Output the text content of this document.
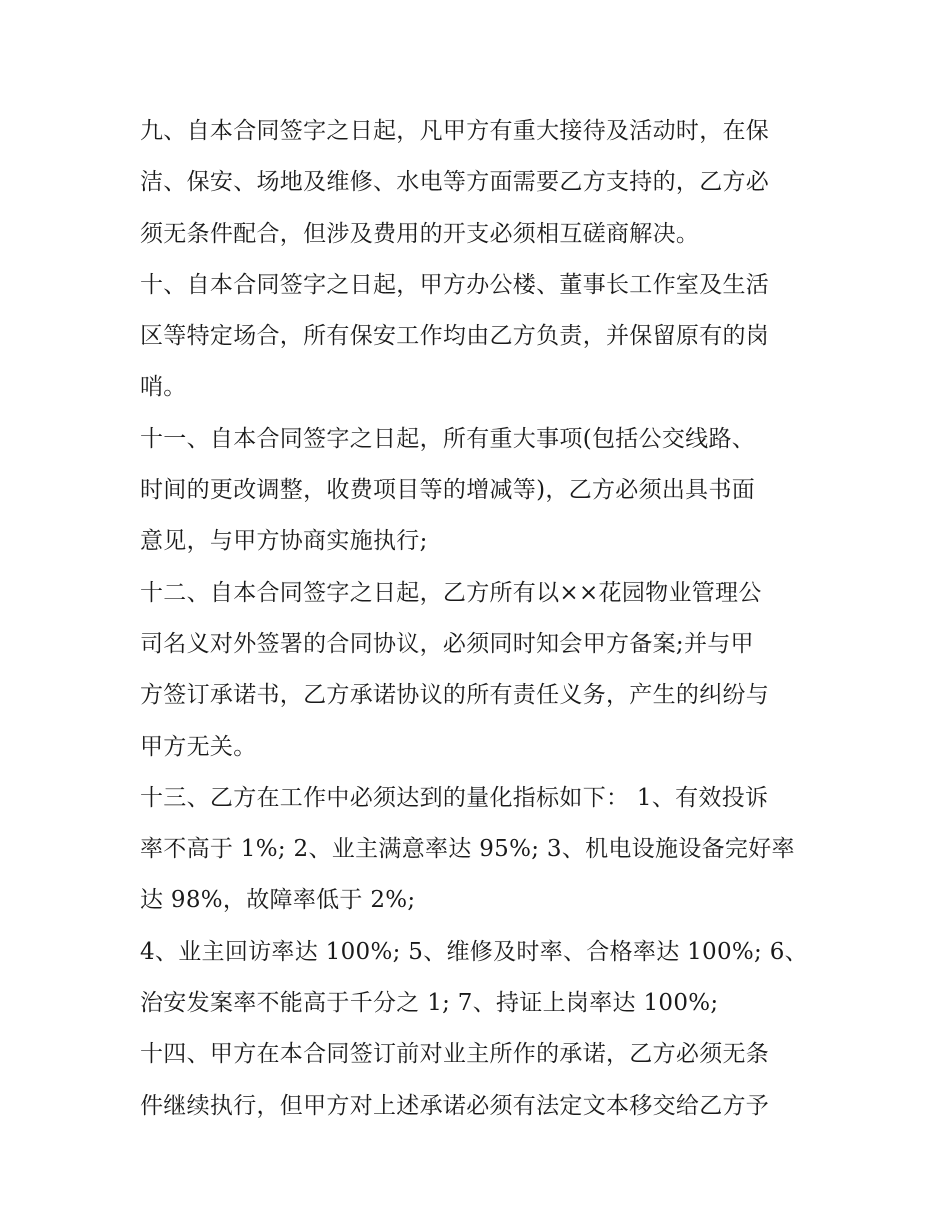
九、自本合同签字之日起，凡甲方有重大接待及活动时，在保
洁、保安、场地及维修、水电等方面需要乙方支持的，乙方必
须无条件配合，但涉及费用的开支必须相互磋商解决。
十、自本合同签字之日起，甲方办公楼、董事长工作室及生活
区等特定场合，所有保安工作均由乙方负责，并保留原有的岗
哨。
十一、自本合同签字之日起，所有重大事项(包括公交线路、
时间的更改调整，收费项目等的增减等)，乙方必须出具书面
意见，与甲方协商实施执行;
十二、自本合同签字之日起，乙方所有以××花园物业管理公
司名义对外签署的合同协议，必须同时知会甲方备案;并与甲
方签订承诺书，乙方承诺协议的所有责任义务，产生的纠纷与
甲方无关。
十三、乙方在工作中必须达到的量化指标如下： 1、有效投诉
率不高于 1%; 2、业主满意率达 95%; 3、机电设施设备完好率
达 98%，故障率低于 2%;
4、业主回访率达 100%; 5、维修及时率、合格率达 100%; 6、
治安发案率不能高于千分之 1; 7、持证上岗率达 100%;
十四、甲方在本合同签订前对业主所作的承诺，乙方必须无条
件继续执行，但甲方对上述承诺必须有法定文本移交给乙方予
